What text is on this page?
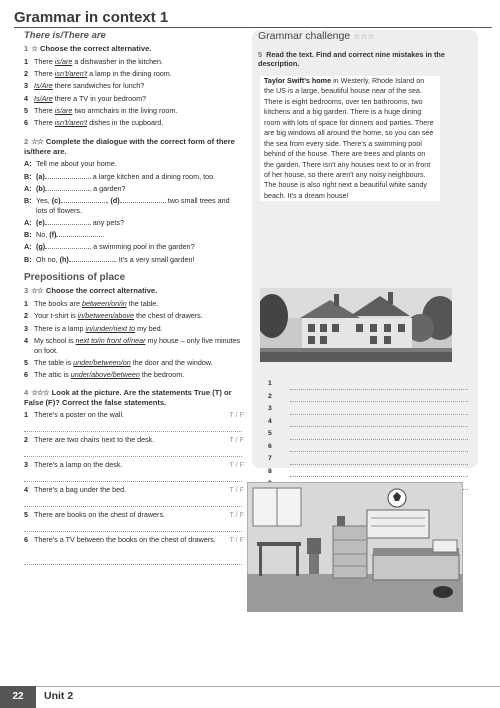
Grammar in context 1
There is/There are
1 ☆ Choose the correct alternative.
1 There is/are a dishwasher in the kitchen.
2 There isn't/aren't a lamp in the dining room.
3 Is/Are there sandwiches for lunch?
4 Is/Are there a TV in your bedroom?
5 There is/are two armchairs in the living room.
6 There isn't/aren't dishes in the cupboard.
2 ☆☆ Complete the dialogue with the correct form of there is/there are.
A: Tell me about your home.
B: (a)	a large kitchen and a dining room, too.
A: (b)	a garden?
B: Yes, (c)	, (d)	two small trees and lots of flowers.
A: (e)	any pets?
B: No, (f)	.
A: (g)	a swimming pool in the garden?
B: Oh no, (h)	. It's a very small garden!
Prepositions of place
3 ☆☆ Choose the correct alternative.
1 The books are between/on/in the table.
2 Your t-shirt is in/between/above the chest of drawers.
3 There is a lamp in/under/next to my bed.
4 My school is next to/in front of/near my house – only five minutes on foot.
5 The table is under/between/on the door and the window.
6 The attic is under/above/between the bedroom.
4 ☆☆☆ Look at the picture. Are the statements True (T) or False (F)? Correct the false statements.
1 There's a poster on the wall.	T / F
2 There are two chairs next to the desk.	T / F
3 There's a lamp on the desk.	T / F
4 There's a bag under the bed.	T / F
5 There are books on the chest of drawers.	T / F
6 There's a TV between the books on the chest of drawers. T / F
Grammar challenge ☆☆☆
5 Read the text. Find and correct nine mistakes in the description.
Taylor Swift's home in Westerly, Rhode Island on the US is a large, beautiful house near of the sea. There is eight bedrooms, over ten bathrooms, two kitchens and a big garden. There is a huge dining room with lots of space for dinners and parties. There are big windows all around the home, so you can see the sea from every side. There's a swimming pool behind of the house. There are trees and plants on the garden. There isn't any houses next to or in front of her house, so there aren't any noisy neighbours. The house is also right next a beautiful white sandy beach. It's a dream house!
1
2
3
4
5
6
7
8
22	Unit 2
